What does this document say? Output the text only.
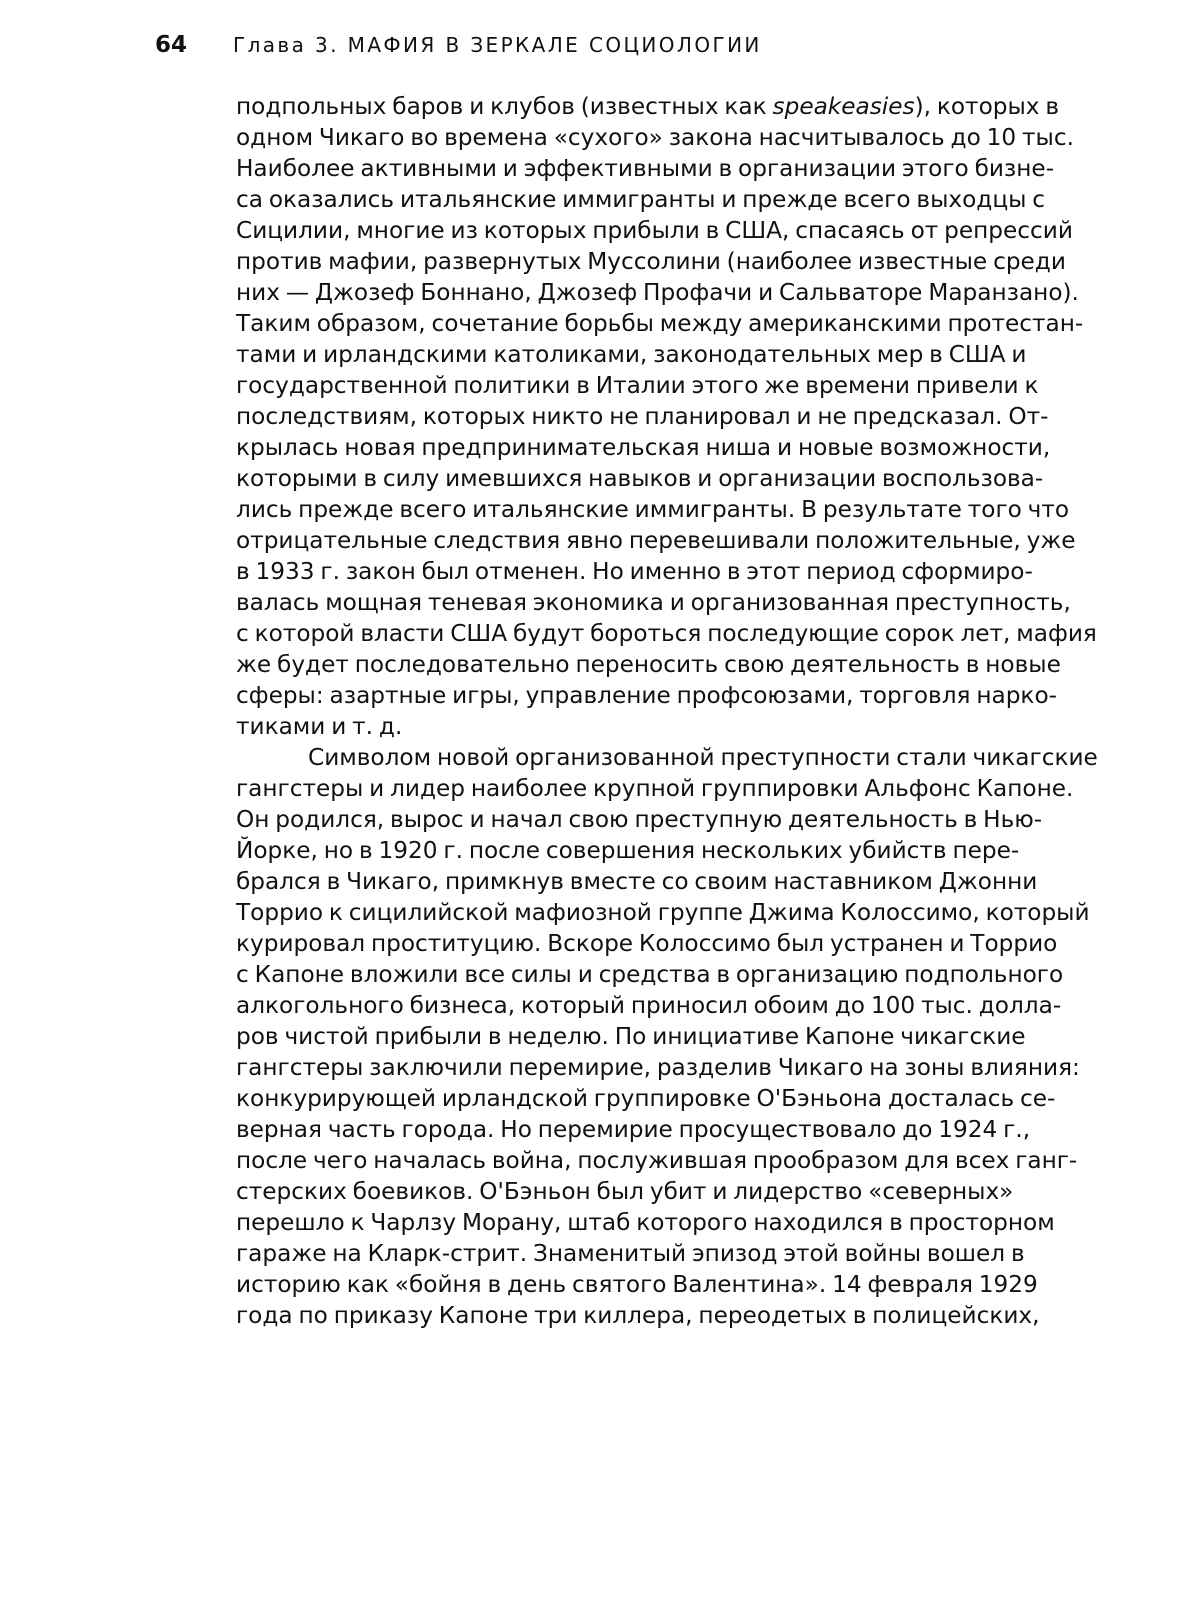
64	Глава 3. МАФИЯ В ЗЕРКАЛЕ СОЦИОЛОГИИ
подпольных баров и клубов (известных как speakeasies), которых в
одном Чикаго во времена «сухого» закона насчитывалось до 10 тыс.
Наиболее активными и эффективными в организации этого бизне-
са оказались итальянские иммигранты и прежде всего выходцы с
Сицилии, многие из которых прибыли в США, спасаясь от репрессий
против мафии, развернутых Муссолини (наиболее известные среди
них — Джозеф Боннано, Джозеф Профачи и Сальваторе Маранзано).
Таким образом, сочетание борьбы между американскими протестан-
тами и ирландскими католиками, законодательных мер в США и
государственной политики в Италии этого же времени привели к
последствиям, которых никто не планировал и не предсказал. От-
крылась новая предпринимательская ниша и новые возможности,
которыми в силу имевшихся навыков и организации воспользова-
лись прежде всего итальянские иммигранты. В результате того что
отрицательные следствия явно перевешивали положительные, уже
в 1933 г. закон был отменен. Но именно в этот период сформиро-
валась мощная теневая экономика и организованная преступность,
с которой власти США будут бороться последующие сорок лет, мафия
же будет последовательно переносить свою деятельность в новые
сферы: азартные игры, управление профсоюзами, торговля нарко-
тиками и т. д.
Символом новой организованной преступности стали чикагские
гангстеры и лидер наиболее крупной группировки Альфонс Капоне.
Он родился, вырос и начал свою преступную деятельность в Нью-
Йорке, но в 1920 г. после совершения нескольких убийств пере-
брался в Чикаго, примкнув вместе со своим наставником Джонни
Торрио к сицилийской мафиозной группе Джима Колоссимо, который
курировал проституцию. Вскоре Колоссимо был устранен и Торрио
с Капоне вложили все силы и средства в организацию подпольного
алкогольного бизнеса, который приносил обоим до 100 тыс. долла-
ров чистой прибыли в неделю. По инициативе Капоне чикагские
гангстеры заключили перемирие, разделив Чикаго на зоны влияния:
конкурирующей ирландской группировке О'Бэньона досталась се-
верная часть города. Но перемирие просуществовало до 1924 г.,
после чего началась война, послужившая прообразом для всех ганг-
стерских боевиков. О'Бэньон был убит и лидерство «северных»
перешло к Чарлзу Морану, штаб которого находился в просторном
гараже на Кларк-стрит. Знаменитый эпизод этой войны вошел в
историю как «бойня в день святого Валентина». 14 февраля 1929
года по приказу Капоне три киллера, переодетых в полицейских,
